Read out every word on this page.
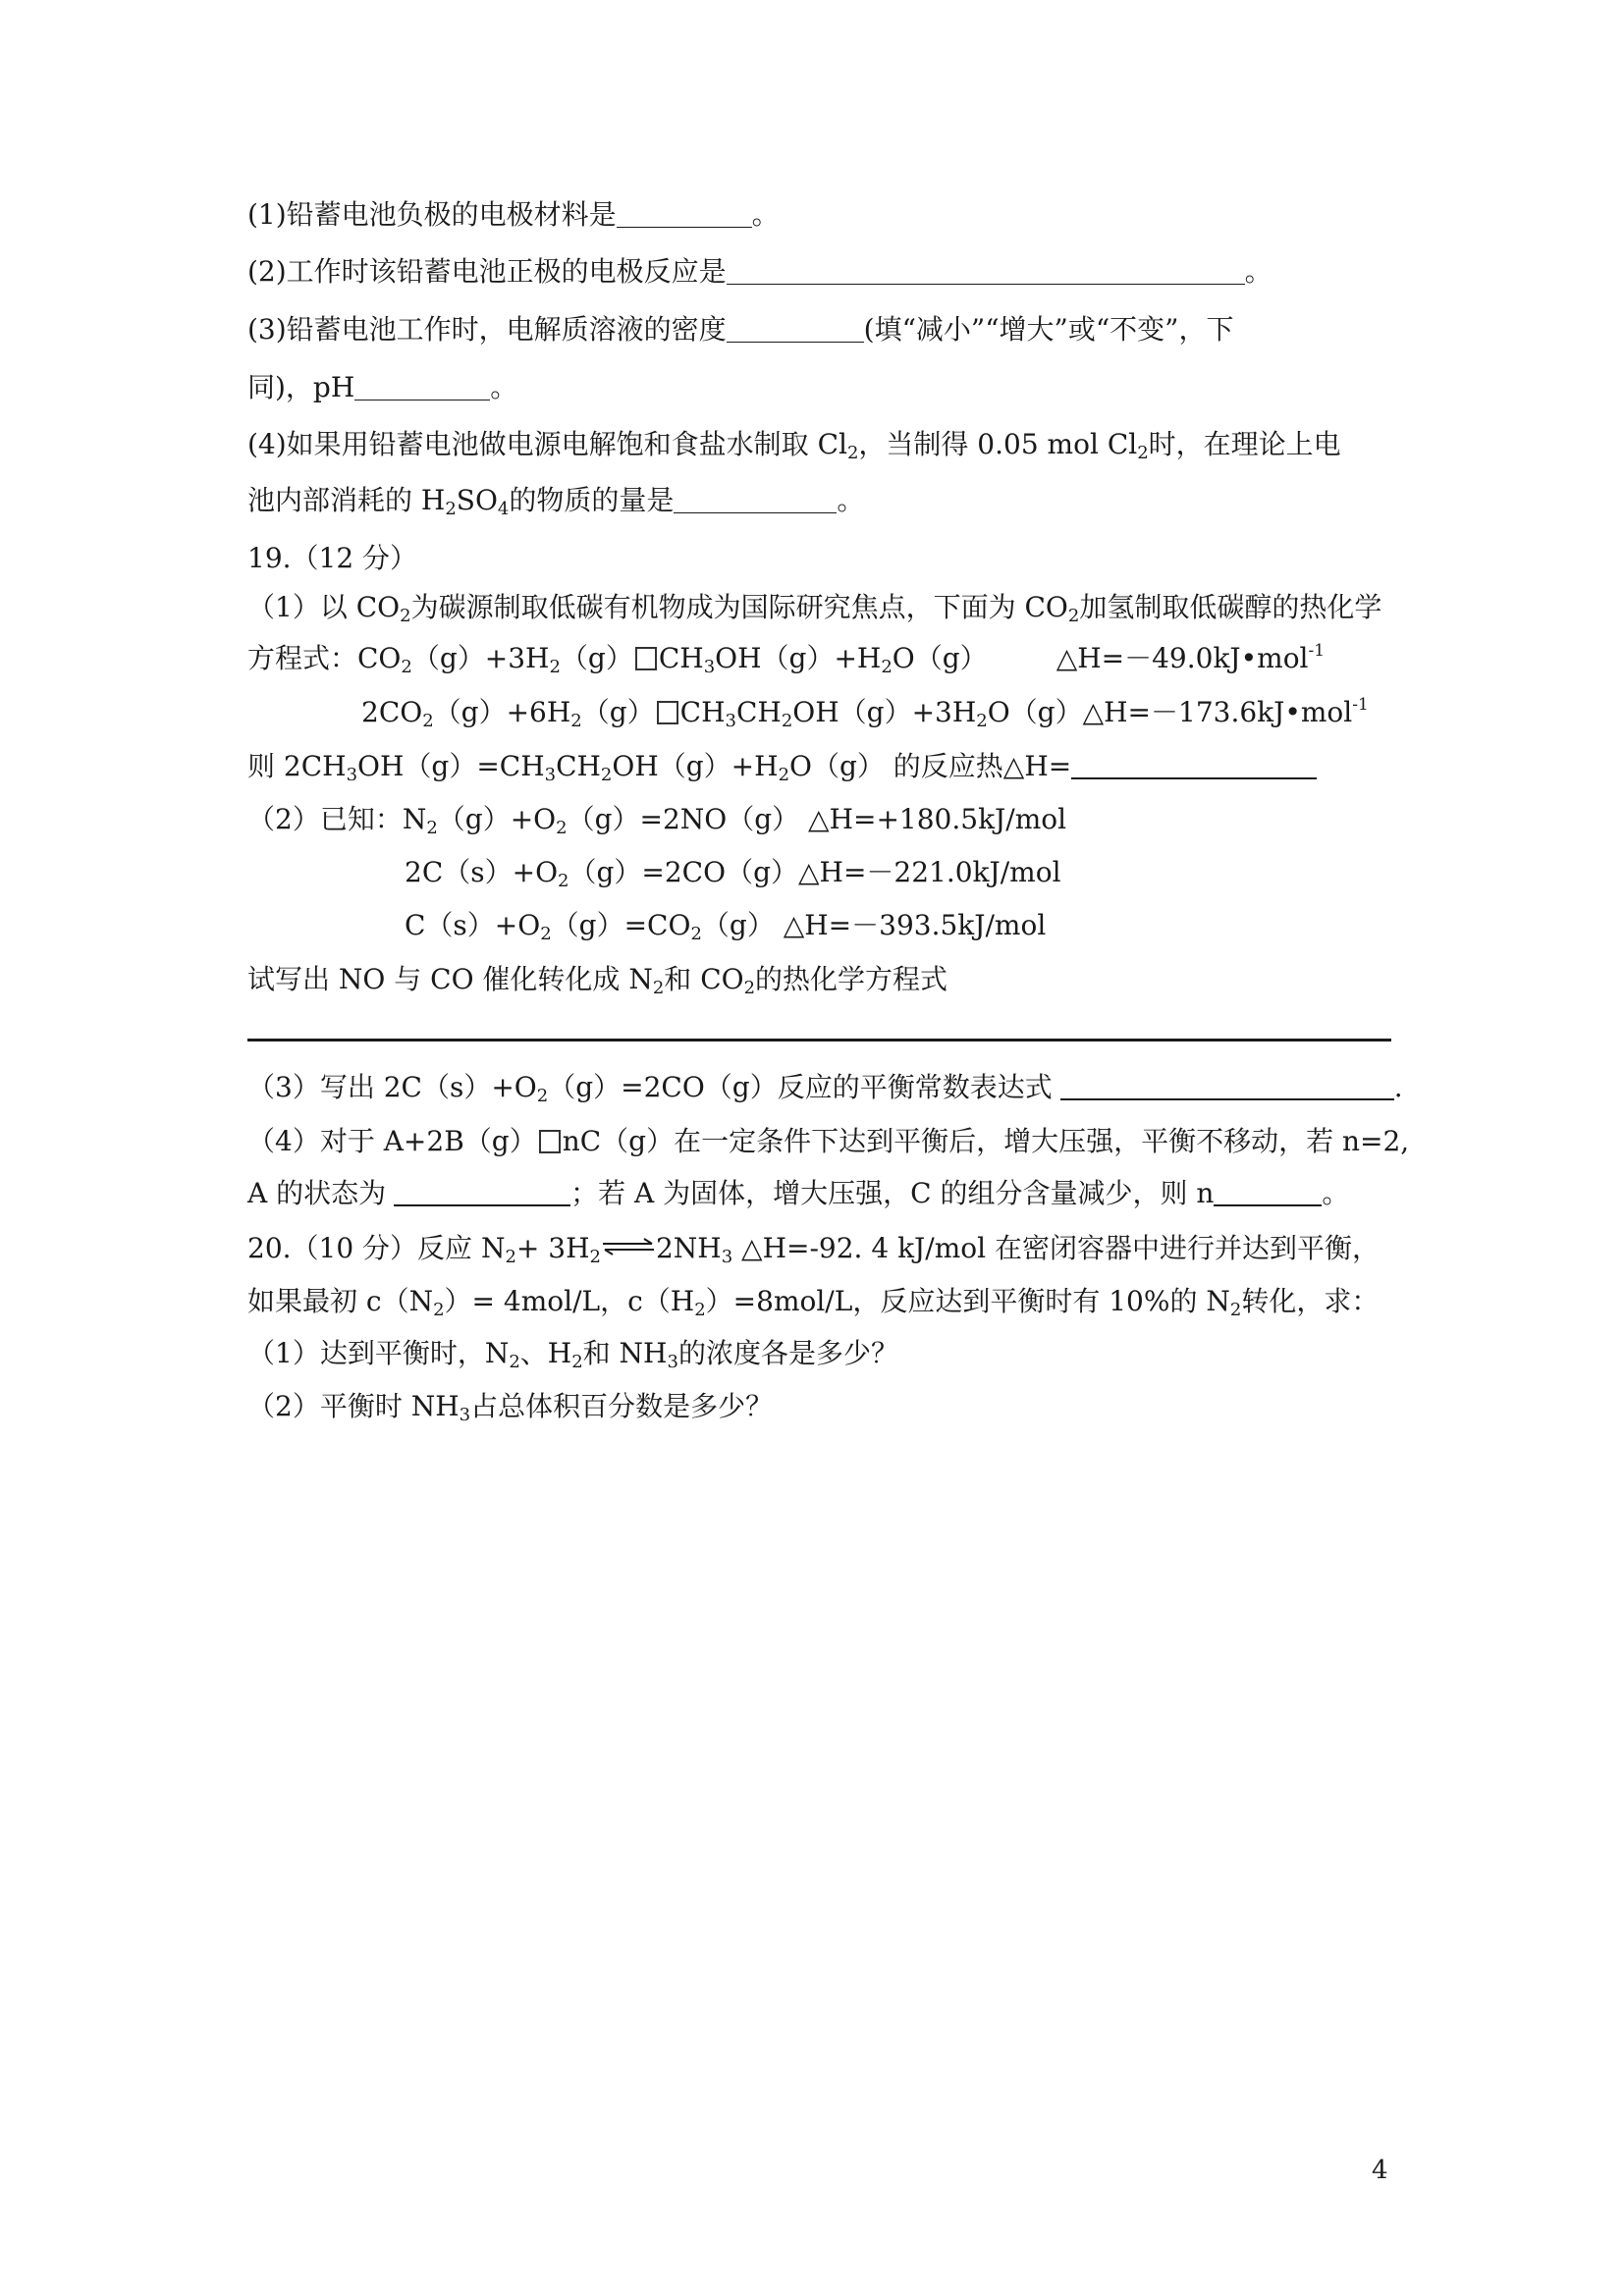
(1)铅蓄电池负极的电极材料是	。
(2)工作时该铅蓄电池正极的电极反应是	。
(3)铅蓄电池工作时，电解质溶液的密度	(填“减小”“增大”或“不变”，下
同)，pH	。
(4)如果用铅蓄电池做电源电解饱和食盐水制取 $Cl_2$，当制得 0.05 mol $Cl_2$时，在理论上电
池内部消耗的 $H_2SO_4$的物质的量是	。
19.（12 分）
（1）以 $CO_2$为碳源制取低碳有机物成为国际研究焦点，下面为 $CO_2$加氢制取低碳醇的热化学
方程式：$CO_2(g)+3H_2(g)$ $CH_3OH(g)+H_2O(g)$	△H=－49.0kJ•mol$^{-1}$
$2CO_2(g)+6H_2(g)$ $CH_3CH_2OH(g)+3H_2O(g)\triangle H=-173.6kJ•mol^{-1}$
则 $2CH_3OH(g)=CH_3CH_2OH(g)+H_2O(g)$ 的反应热△H=
（2）已知：$N_2(g)+O_2(g)=2NO(g)$ △H=+180.5kJ/mol
$2C(s)+O_2(g)=2CO(g)\triangle H=-221.0kJ$/mol
$C(s)+O_2(g)=CO_2(g)$ △H=－393.5kJ/mol
试写出 NO 与 CO 催化转化成 $N_2$和 $CO_2$的热化学方程式
（3）写出 $2C(s)+O_2(g)=2CO(g)$反应的平衡常数表达式	.
（4）对于 A+2B（g） nC（g）在一定条件下达到平衡后，增大压强，平衡不移动，若 n=2,
A 的状态为	；若 A 为固体，增大压强，C 的组分含量减少，则 n	。
20.（10 分）反应 $N_2+$ $3H_2\rightleftharpoons 2NH_3$ △H=-92. 4 kJ/mol 在密闭容器中进行并达到平衡，
如果最初 $c(N_2)= 4mol/L$，$c(H_2)=8mol/L$，反应达到平衡时有 10%的 $N_2$转化，求：
（1）达到平衡时，$N_2$、$H_2$和 $NH_3$的浓度各是多少？
（2）平衡时 $NH_3$占总体积百分数是多少？
4
